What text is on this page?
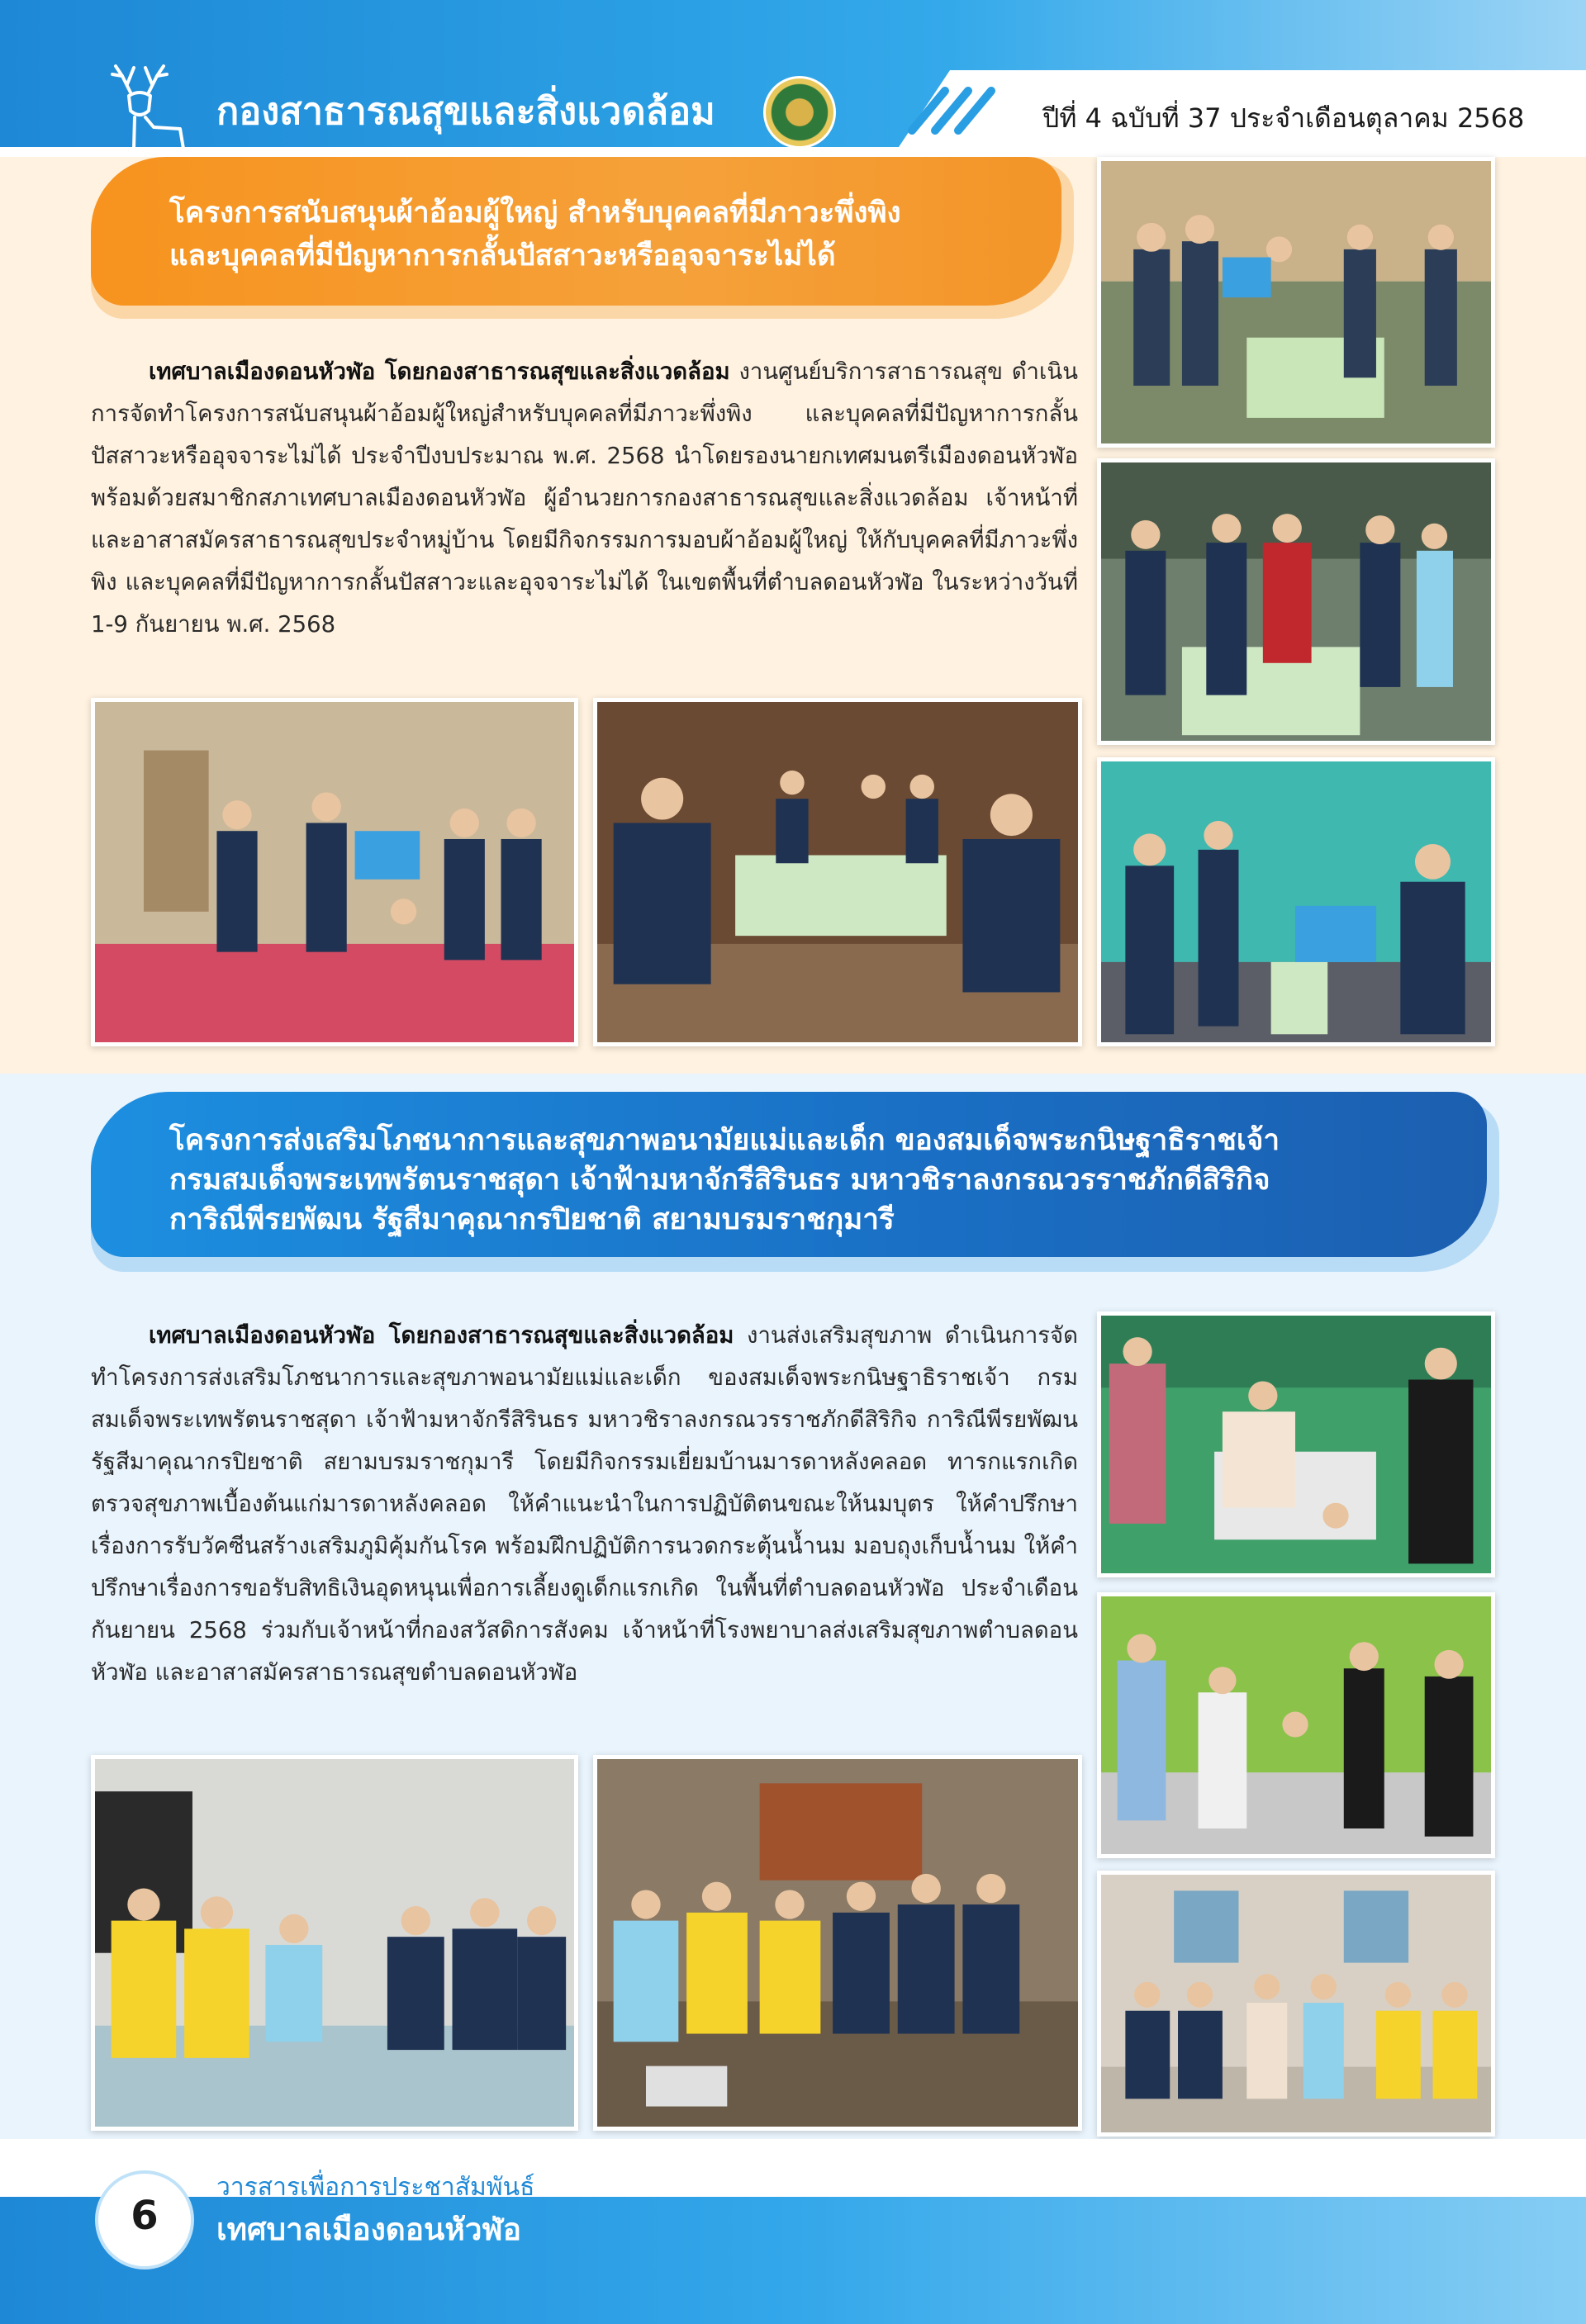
กองสาธารณสุขและสิ่งแวดล้อม	ปีที่ 4 ฉบับที่ 37 ประจำเดือนตุลาคม 2568
โครงการสนับสนุนผ้าอ้อมผู้ใหญ่ สำหรับบุคคลที่มีภาวะพึ่งพิง
และบุคคลที่มีปัญหาการกลั้นปัสสาวะหรืออุจจาระไม่ได้
เทศบาลเมืองดอนหัวฬ่อ โดยกองสาธารณสุขและสิ่งแวดล้อม งานศูนย์บริการสาธารณสุข ดำเนินการจัดทำโครงการสนับสนุนผ้าอ้อมผู้ใหญ่สำหรับบุคคลที่มีภาวะพึ่งพิง และบุคคลที่มีปัญหาการกลั้นปัสสาวะหรืออุจจาระไม่ได้ ประจำปีงบประมาณ พ.ศ. 2568 นำโดยรองนายกเทศมนตรีเมืองดอนหัวฬ่อ พร้อมด้วยสมาชิกสภาเทศบาลเมืองดอนหัวฬ่อ ผู้อำนวยการกองสาธารณสุขและสิ่งแวดล้อม เจ้าหน้าที่ และอาสาสมัครสาธารณสุขประจำหมู่บ้าน โดยมีกิจกรรมการมอบผ้าอ้อมผู้ใหญ่ ให้กับบุคคลที่มีภาวะพึ่งพิง และบุคคลที่มีปัญหาการกลั้นปัสสาวะและอุจจาระไม่ได้ ในเขตพื้นที่ตำบลดอนหัวฬ่อ ในระหว่างวันที่ 1-9 กันยายน พ.ศ. 2568
โครงการส่งเสริมโภชนาการและสุขภาพอนามัยแม่และเด็ก ของสมเด็จพระกนิษฐาธิราชเจ้า
กรมสมเด็จพระเทพรัตนราชสุดา เจ้าฟ้ามหาจักรีสิรินธร มหาวชิราลงกรณวรราชภักดีสิริกิจ
การิณีพีรยพัฒน รัฐสีมาคุณากรปิยชาติ สยามบรมราชกุมารี
เทศบาลเมืองดอนหัวฬ่อ โดยกองสาธารณสุขและสิ่งแวดล้อม งานส่งเสริมสุขภาพ ดำเนินการจัดทำโครงการส่งเสริมโภชนาการและสุขภาพอนามัยแม่และเด็ก ของสมเด็จพระกนิษฐาธิราชเจ้า กรมสมเด็จพระเทพรัตนราชสุดา เจ้าฟ้ามหาจักรีสิรินธร มหาวชิราลงกรณวรราชภักดีสิริกิจ การิณีพีรยพัฒน รัฐสีมาคุณากรปิยชาติ สยามบรมราชกุมารี โดยมีกิจกรรมเยี่ยมบ้านมารดาหลังคลอด ทารกแรกเกิด ตรวจสุขภาพเบื้องต้นแก่มารดาหลังคลอด ให้คำแนะนำในการปฏิบัติตนขณะให้นมบุตร ให้คำปรึกษาเรื่องการรับวัคซีนสร้างเสริมภูมิคุ้มกันโรค พร้อมฝึกปฏิบัติการนวดกระตุ้นน้ำนม มอบถุงเก็บน้ำนม ให้คำปรึกษาเรื่องการขอรับสิทธิเงินอุดหนุนเพื่อการเลี้ยงดูเด็กแรกเกิด ในพื้นที่ตำบลดอนหัวฬ่อ ประจำเดือนกันยายน 2568 ร่วมกับเจ้าหน้าที่กองสวัสดิการสังคม เจ้าหน้าที่โรงพยาบาลส่งเสริมสุขภาพตำบลดอนหัวฬ่อ และอาสาสมัครสาธารณสุขตำบลดอนหัวฬ่อ
6
วารสารเพื่อการประชาสัมพันธ์
เทศบาลเมืองดอนหัวฬ่อ
